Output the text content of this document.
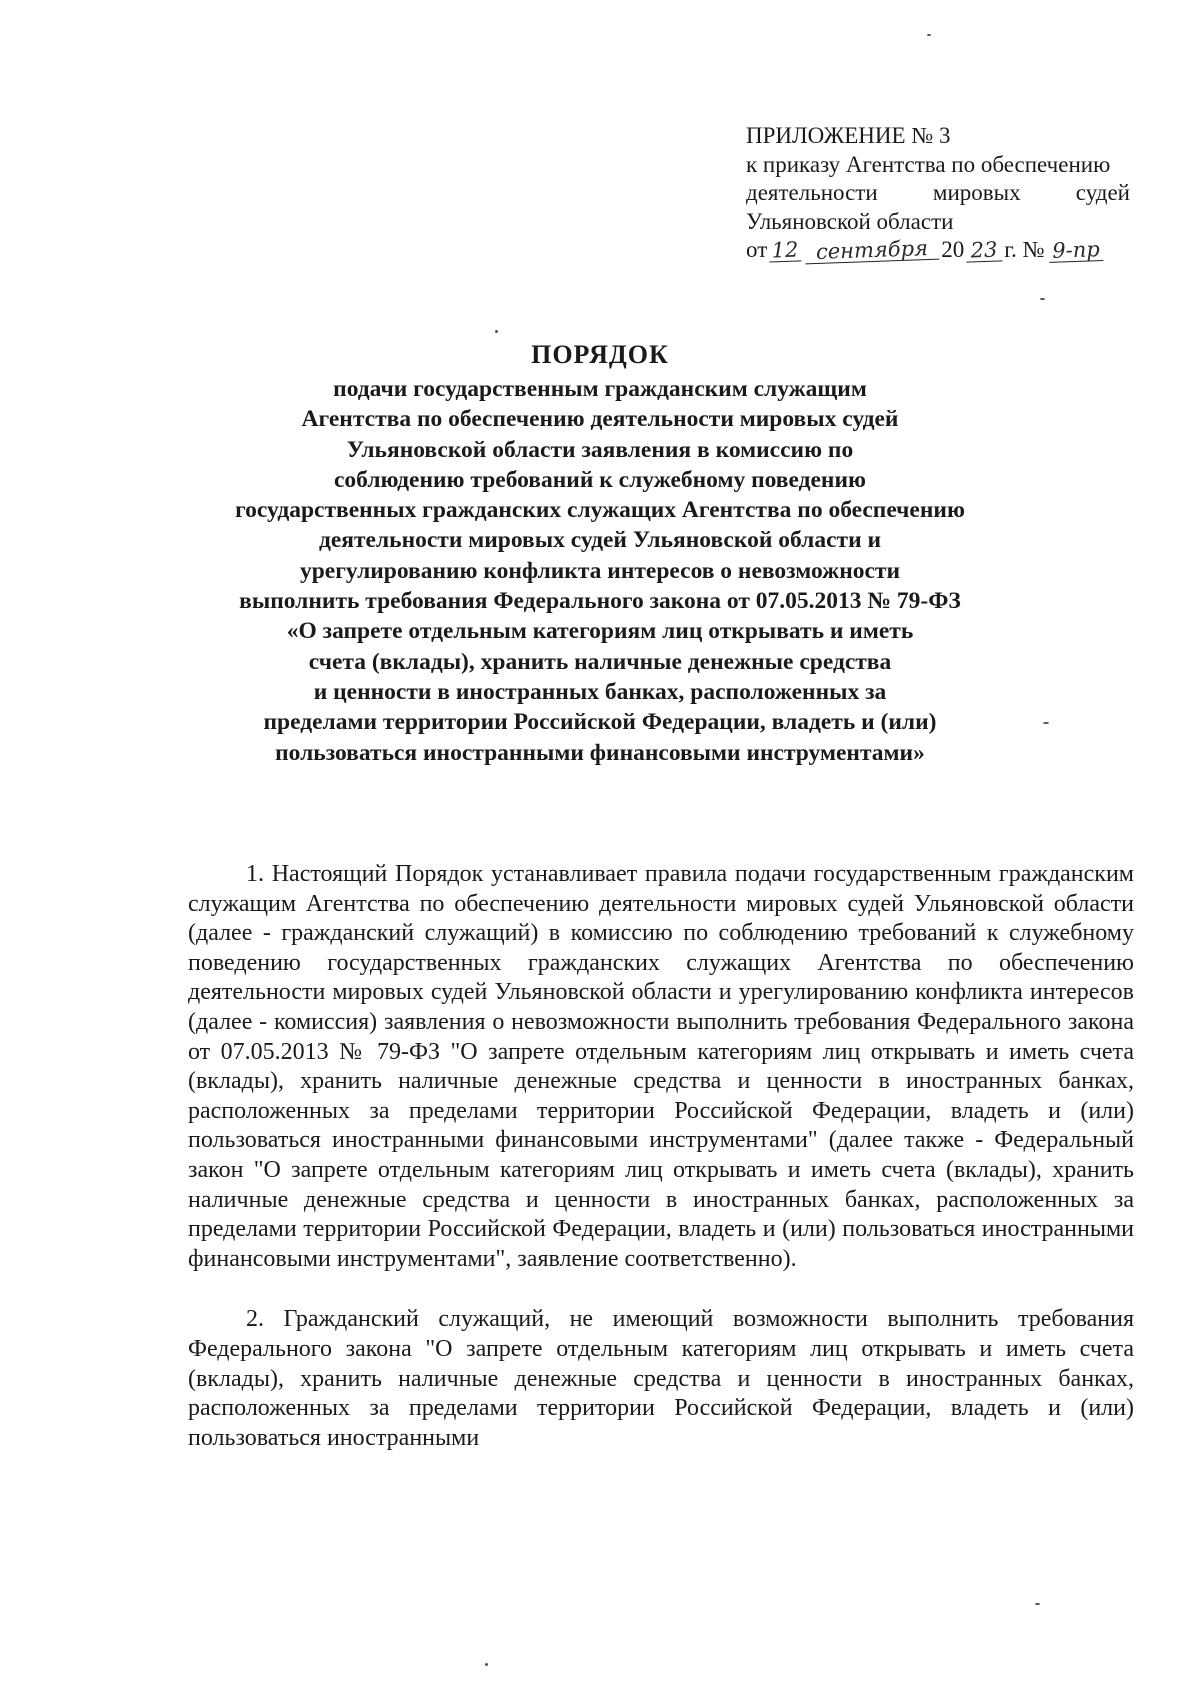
ПРИЛОЖЕНИЕ № 3
к приказу Агентства по обеспечению
деятельности мировых судей
Ульяновской области
от 12 сентября 20 23 г. № 9-пр
ПОРЯДОК
подачи государственным гражданским служащим
Агентства по обеспечению деятельности мировых судей
Ульяновской области заявления в комиссию по
соблюдению требований к служебному поведению
государственных гражданских служащих Агентства по обеспечению
деятельности мировых судей Ульяновской области и
урегулированию конфликта интересов о невозможности
выполнить требования Федерального закона от 07.05.2013 № 79-ФЗ
«О запрете отдельным категориям лиц открывать и иметь
счета (вклады), хранить наличные денежные средства
и ценности в иностранных банках, расположенных за
пределами территории Российской Федерации, владеть и (или)
пользоваться иностранными финансовыми инструментами»

1. Настоящий Порядок устанавливает правила подачи государственным гражданским служащим Агентства по обеспечению деятельности мировых судей Ульяновской области (далее - гражданский служащий) в комиссию по соблюдению требований к служебному поведению государственных гражданских служащих Агентства по обеспечению деятельности мировых судей Ульяновской области и урегулированию конфликта интересов (далее - комиссия) заявления о невозможности выполнить требования Федерального закона от 07.05.2013 № 79-ФЗ "О запрете отдельным категориям лиц открывать и иметь счета (вклады), хранить наличные денежные средства и ценности в иностранных банках, расположенных за пределами территории Российской Федерации, владеть и (или) пользоваться иностранными финансовыми инструментами" (далее также - Федеральный закон "О запрете отдельным категориям лиц открывать и иметь счета (вклады), хранить наличные денежные средства и ценности в иностранных банках, расположенных за пределами территории Российской Федерации, владеть и (или) пользоваться иностранными финансовыми инструментами", заявление соответственно).

2. Гражданский служащий, не имеющий возможности выполнить требования Федерального закона "О запрете отдельным категориям лиц открывать и иметь счета (вклады), хранить наличные денежные средства и ценности в иностранных банках, расположенных за пределами территории Российской Федерации, владеть и (или) пользоваться иностранными
